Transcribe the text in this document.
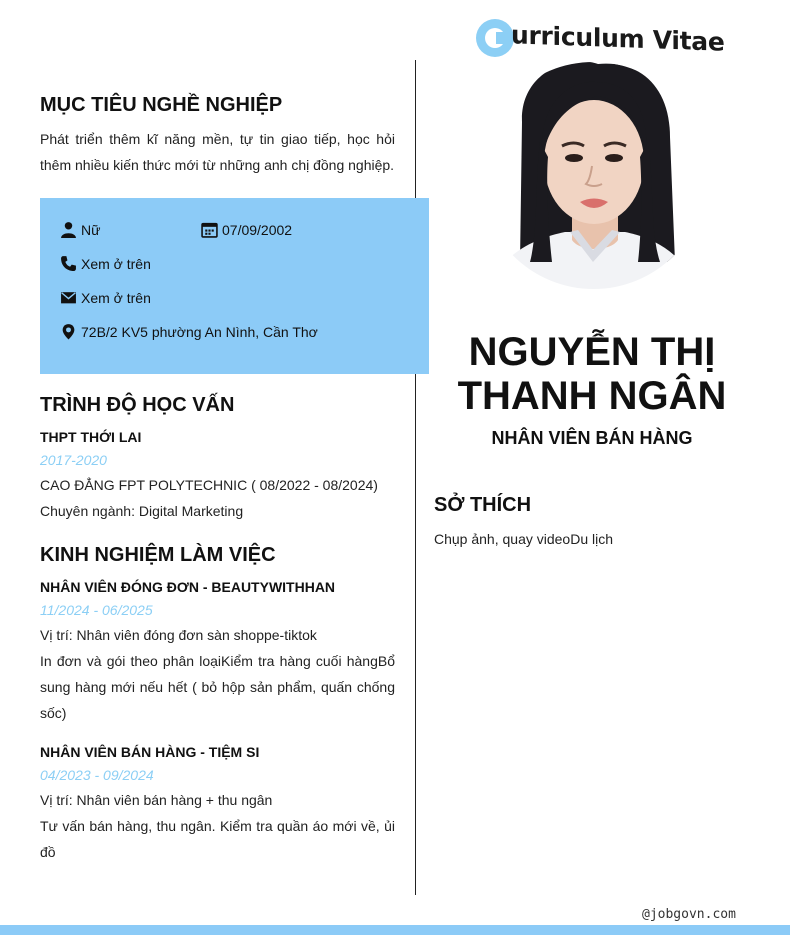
urriculum Vitae
MỤC TIÊU NGHỀ NGHIỆP
Phát triển thêm kĩ năng mền, tự tin giao tiếp, học hỏi
thêm nhiều kiến thức mới từ những anh chị đồng nghiệp.
Nữ	07/09/2002
Xem ở trên
Xem ở trên
72B/2 KV5 phường An Nình, Cần Thơ
TRÌNH ĐỘ HỌC VẤN
THPT THỚI LAI
2017-2020
CAO ĐẲNG FPT POLYTECHNIC ( 08/2022 - 08/2024)
Chuyên ngành: Digital Marketing
KINH NGHIỆM LÀM VIỆC
NHÂN VIÊN ĐÓNG ĐƠN - BEAUTYWITHHAN
11/2024 - 06/2025
Vị trí: Nhân viên đóng đơn sàn shoppe-tiktok
In đơn và gói theo phân loạiKiểm tra hàng cuối hàngBổ
sung hàng mới nếu hết ( bỏ hộp sản phẩm, quấn chống
sốc)
NHÂN VIÊN BÁN HÀNG - TIỆM SI
04/2023 - 09/2024
Vị trí: Nhân viên bán hàng + thu ngân
Tư vấn bán hàng, thu ngân. Kiểm tra quần áo mới về, ủi
đồ
NGUYỄN THỊ
THANH NGÂN
NHÂN VIÊN BÁN HÀNG
SỞ THÍCH
Chụp ảnh, quay videoDu lịch
@jobgovn.com
